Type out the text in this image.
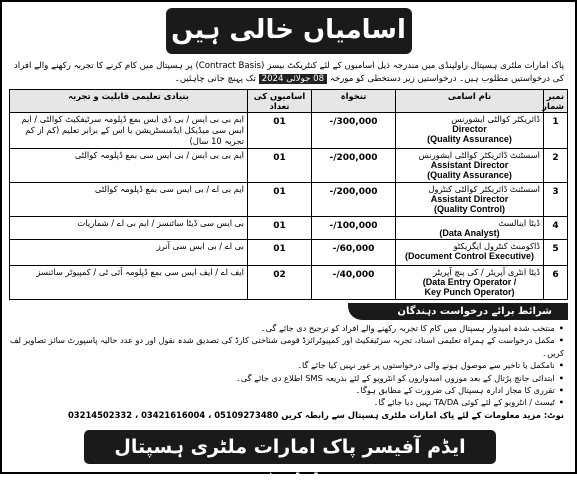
اسامیاں خالی ہیں

پاک امارات ملٹری ہسپتال راولپنڈی میں مندرجہ ذیل اسامیوں کے لئے کنٹریکٹ بیسز (Contract Basis) پر ہسپتال میں کام کرنے کا تجربہ رکھنے والے افراد کی درخواستیں مطلوب ہیں۔ درخواستیں زیر دستخطی کو مورخہ 08 جولائی 2024 تک پہنچ جانی چاہئیں۔

نمبر شمار	نام اسامی	تنخواہ	اسامیوں کی تعداد	بنیادی تعلیمی قابلیت و تجربہ
1	ڈائریکٹر کوالٹی ایشورنس
Director
(Quality Assurance)	300,000/-	01	ایم بی بی ایس / بی ڈی ایس بمع ڈپلومہ سرٹیفکیٹ کوالٹی / ایم ایس سی میڈیکل ایڈمنسٹریشن یا اس کے برابر تعلیم (کم از کم تجربہ 10 سال)
2	اسسٹنٹ ڈائریکٹر کوالٹی ایشورنس
Assistant Director
(Quality Assurance)	200,000/-	01	ایم بی بی ایس / بی ایس سی بمع ڈپلومہ کوالٹی
3	اسسٹنٹ ڈائریکٹر کوالٹی کنٹرول
Assistant Director
(Quality Control)	200,000/-	01	ایم بی اے / بی ایس سی بمع ڈپلومہ کوالٹی
4	ڈیٹا اینالسٹ
(Data Analyst)	100,000/-	01	بی ایس سی ڈیٹا سائنسز / ایم بی اے / شماریات
5	ڈاکومنٹ کنٹرول ایگزیکٹو
(Document Control Executive)	60,000/-	01	بی اے / بی ایس سی آنرز
6	ڈیٹا انٹری آپریٹر / کی پنچ آپریٹر
(Data Entry Operator /
Key Punch Operator)	40,000/-	02	ایف اے / ایف ایس سی بمع ڈپلومہ آئی ٹی / کمپیوٹر سائنسز
شرائط برائے درخواست دہندگان
• منتخب شدہ امیدوار ہسپتال میں کام کا تجربہ رکھنے والے افراد کو ترجیح دی جائے گی۔
• مکمل درخواست کے ہمراہ تعلیمی اسناد، تجربہ سرٹیفکیٹ اور کمپیوٹرائزڈ قومی شناختی کارڈ کی تصدیق شدہ نقول اور دو عدد حالیہ پاسپورٹ سائز تصاویر لف کریں۔
• نامکمل یا تاخیر سے موصول ہونے والی درخواستوں پر غور نہیں کیا جائے گا۔
• ابتدائی جانچ پڑتال کے بعد موزوں امیدواروں کو انٹرویو کے لئے بذریعہ SMS اطلاع دی جائے گی۔
• تقرری کا مجاز ادارہ ہسپتال کی ضرورت کے مطابق ہوگا۔
• ٹیسٹ / انٹرویو کے لئے کوئی TA/DA نہیں دیا جائے گا۔

نوٹ: مزید معلومات کے لئے پاک امارات ملٹری ہسپتال سے رابطہ کریں 05109273480 ، 03421616004 ، 03214502332

ایڈم آفیسر پاک امارات ملٹری ہسپتال راولپنڈی
